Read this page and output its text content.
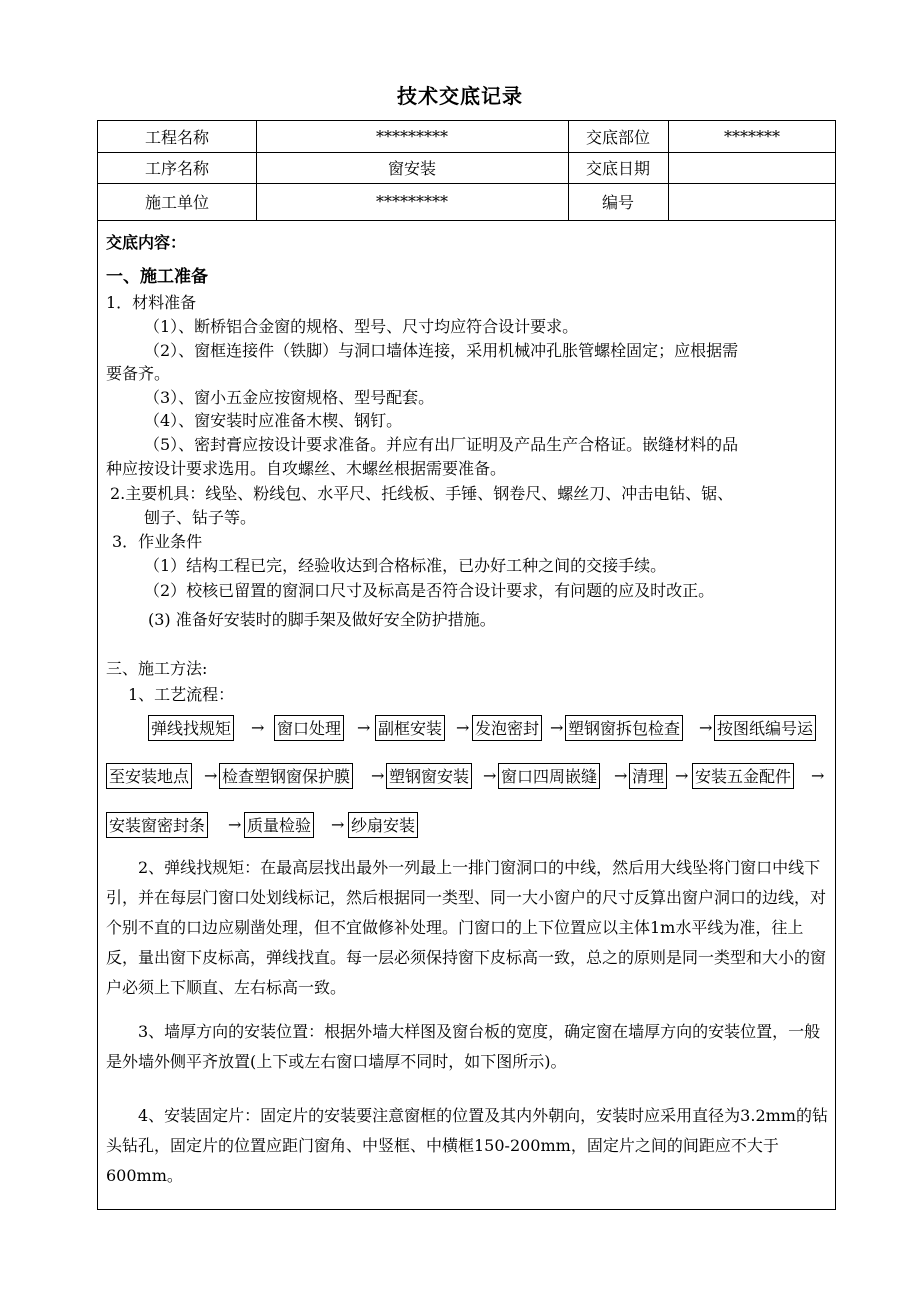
技术交底记录
工程名称	*********	交底部位	*******
工序名称	窗安装	交底日期
施工单位	*********	编号
交底内容：
一、施工准备
1．材料准备
（1）、断桥铝合金窗的规格、型号、尺寸均应符合设计要求。
（2）、窗框连接件（铁脚）与洞口墙体连接，采用机械冲孔胀管螺栓固定；应根据需
要备齐。
（3）、窗小五金应按窗规格、型号配套。
（4）、窗安装时应准备木楔、钢钉。
（5）、密封膏应按设计要求准备。并应有出厂证明及产品生产合格证。嵌缝材料的品
种应按设计要求选用。自攻螺丝、木螺丝根据需要准备。
2.主要机具：线坠、粉线包、水平尺、托线板、手锤、钢卷尺、螺丝刀、冲击电钻、锯、
刨子、钻子等。
3．作业条件
（1）结构工程已完，经验收达到合格标准，已办好工种之间的交接手续。
（2）校核已留置的窗洞口尺寸及标高是否符合设计要求，有问题的应及时改正。
(3) 准备好安装时的脚手架及做好安全防护措施。
三、施工方法:
1、工艺流程：
弹线找规矩 → 窗口处理 → 副框安装 → 发泡密封 → 塑钢窗拆包检查 → 按图纸编号运
至安装地点 → 检查塑钢窗保护膜 → 塑钢窗安装 → 窗口四周嵌缝 → 清理 → 安装五金配件 →
安装窗密封条 → 质量检验 → 纱扇安装
2、弹线找规矩：在最高层找出最外一列最上一排门窗洞口的中线，然后用大线坠将门窗口中线下引，并在每层门窗口处划线标记，然后根据同一类型、同一大小窗户的尺寸反算出窗户洞口的边线，对个别不直的口边应剔凿处理，但不宜做修补处理。门窗口的上下位置应以主体1m水平线为准，往上反，量出窗下皮标高，弹线找直。每一层必须保持窗下皮标高一致，总之的原则是同一类型和大小的窗户必须上下顺直、左右标高一致。
3、墙厚方向的安装位置：根据外墙大样图及窗台板的宽度，确定窗在墙厚方向的安装位置，一般是外墙外侧平齐放置(上下或左右窗口墙厚不同时，如下图所示)。
4、安装固定片：固定片的安装要注意窗框的位置及其内外朝向，安装时应采用直径为3.2mm的钻头钻孔，固定片的位置应距门窗角、中竖框、中横框150-200mm，固定片之间的间距应不大于600mm。
